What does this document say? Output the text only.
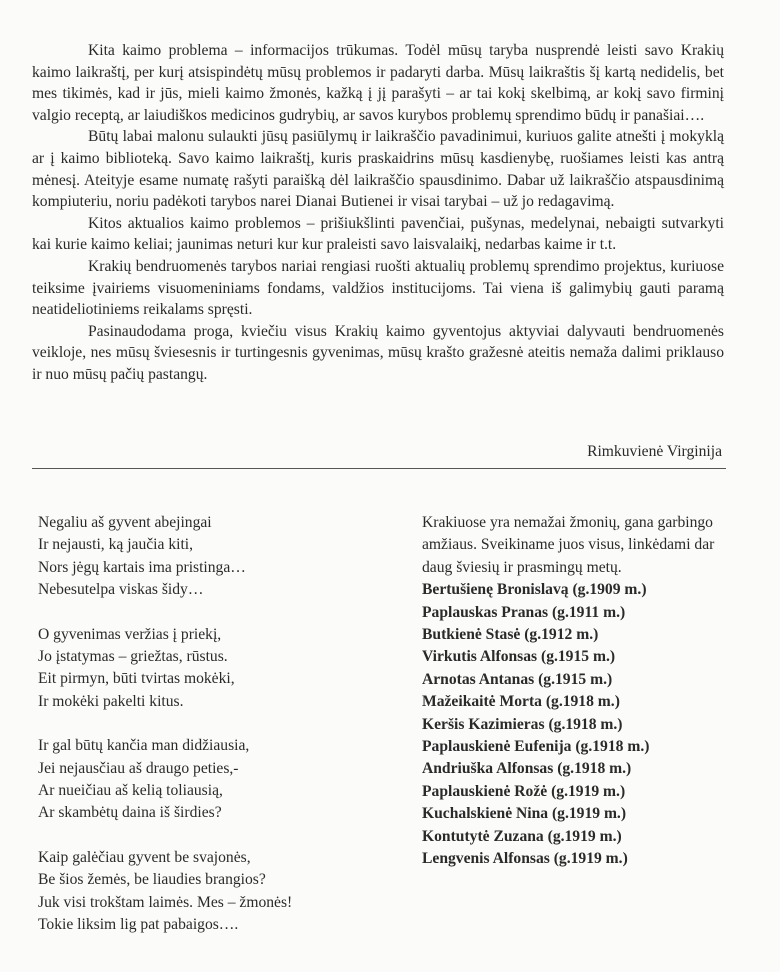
Kita kaimo problema – informacijos trūkumas. Todėl mūsų taryba nusprendė leisti savo Krakių kaimo laikraštį, per kurį atsispindėtų mūsų problemos ir padaryti darba. Mūsų laikraštis šį kartą nedidelis, bet mes tikimės, kad ir jūs, mieli kaimo žmonės, kažką į jį parašyti – ar tai kokį skelbimą, ar kokį savo firminį valgio receptą, ar laiudiškos medicinos gudrybių, ar savos kurybos problemų sprendimo būdų ir panašiai….

Būtų labai malonu sulaukti jūsų pasiūlymų ir laikraščio pavadinimui, kuriuos galite atnešti į mokyklą ar į kaimo biblioteką. Savo kaimo laikraštį, kuris praskaidrins mūsų kasdienybę, ruošiames leisti kas antrą mėnesį. Ateityje esame numatę rašyti paraišką dėl laikraščio spausdinimo. Dabar už laikraščio atspausdinimą kompiuteriu, noriu padėkoti tarybos narei Dianai Butienei ir visai tarybai – už jo redagavimą.

Kitos aktualios kaimo problemos – prišiukšlinti pavenčiai, pušynas, medelynai, nebaigti sutvarkyti kai kurie kaimo keliai; jaunimas neturi kur kur praleisti savo laisvalaikį, nedarbas kaime ir t.t.

Krakių bendruomenės tarybos nariai rengiasi ruošti aktualių problemų sprendimo projektus, kuriuose teiksime įvairiems visuomeniniams fondams, valdžios institucijoms. Tai viena iš galimybių gauti paramą neatideliotiniems reikalams spręsti.

Pasinaudodama proga, kviečiu visus Krakių kaimo gyventojus aktyviai dalyvauti bendruomenės veikloje, nes mūsų šviesesnis ir turtingesnis gyvenimas, mūsų krašto gražesnė ateitis nemaža dalimi priklauso ir nuo mūsų pačių pastangų.

Rimkuvienė Virginija
Negaliu aš gyvent abejingai
Ir nejausti, ką jaučia kiti,
Nors jėgų kartais ima pristinga…
Nebesutelpa viskas šidy…
O gyvenimas veržias į priekį,
Jo įstatymas – griežtas, rūstus.
Eit pirmyn, būti tvirtas mokėki,
Ir mokėki pakelti kitus.
Ir gal būtų kančia man didžiausia,
Jei nejausčiau aš draugo peties,-
Ar nueičiau aš kelią toliausią,
Ar skambėtų daina iš širdies?
Kaip galėčiau gyvent be svajonės,
Be šios žemės, be liaudies brangios?
Juk visi trokštam laimės. Mes – žmonės!
Tokie liksim lig pat pabaigos….
Krakiuose yra nemažai žmonių, gana garbingo amžiaus. Sveikiname juos visus, linkėdami dar daug šviesių ir prasmingų metų.
Bertušienę Bronislavą (g.1909 m.)
Paplauskas Pranas (g.1911 m.)
Butkienė Stasė (g.1912 m.)
Virkutis Alfonsas (g.1915 m.)
Arnotas Antanas (g.1915 m.)
Mažeikaitė Morta (g.1918 m.)
Keršis Kazimieras (g.1918 m.)
Paplauskienė Eufenija (g.1918 m.)
Andriuška Alfonsas (g.1918 m.)
Paplauskienė Rožė (g.1919 m.)
Kuchalskienė Nina (g.1919 m.)
Kontutytė Zuzana (g.1919 m.)
Lengvenis Alfonsas (g.1919 m.)
